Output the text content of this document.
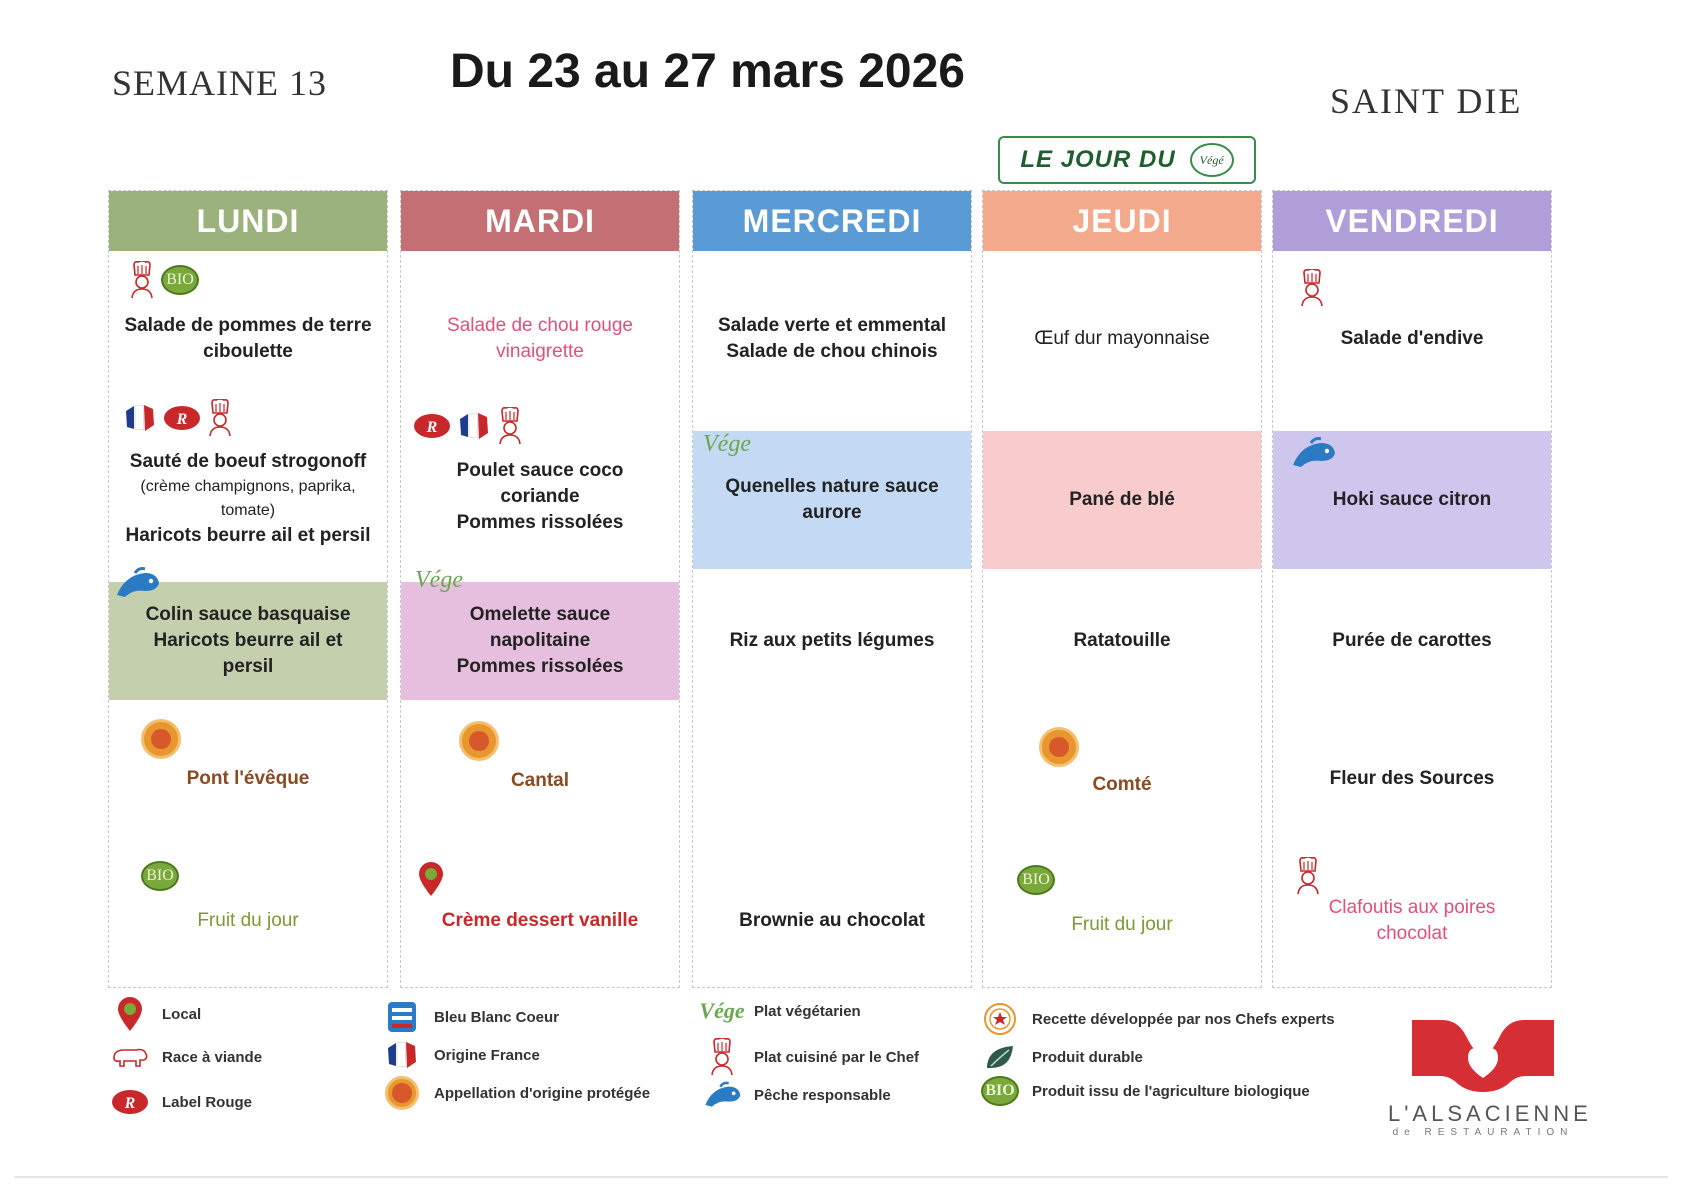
SEMAINE 13	Du 23 au 27 mars 2026
SAINT DIE
LE JOUR DU	Végé
LUNDI
BIO
Salade de pommes de terre ciboulette
Sauté de boeuf strogonoff
(crème champignons, paprika, tomate)
Haricots beurre ail et persil
Colin sauce basquaise Haricots beurre ail et persil
Pont l'évêque
BIO
Fruit du jour
MARDI
Salade de chou rouge vinaigrette
Poulet sauce coco coriande
Pommes rissolées
Omelette sauce napolitaine
Pommes rissolées
Vége
Cantal
Crème dessert vanille
MERCREDI
Salade verte et emmental
Salade de chou chinois
Quenelles nature sauce aurore
Vége
Riz aux petits légumes
Brownie au chocolat
JEUDI
Œuf dur mayonnaise
Pané de blé
Ratatouille
Comté
BIO
Fruit du jour
VENDREDI
Salade d'endive
Hoki sauce citron
Purée de carottes
Fleur des Sources
Clafoutis aux poires chocolat
Local
Race à viande
Label Rouge
Bleu Blanc Coeur
Origine France
Appellation d'origine protégée
Vége Plat végétarien
Plat cuisiné par le Chef
Pêche responsable
Recette développée par nos Chefs experts
Produit durable
BIO Produit issu de l'agriculture biologique
L'ALSACIENNE
de RESTAURATION
